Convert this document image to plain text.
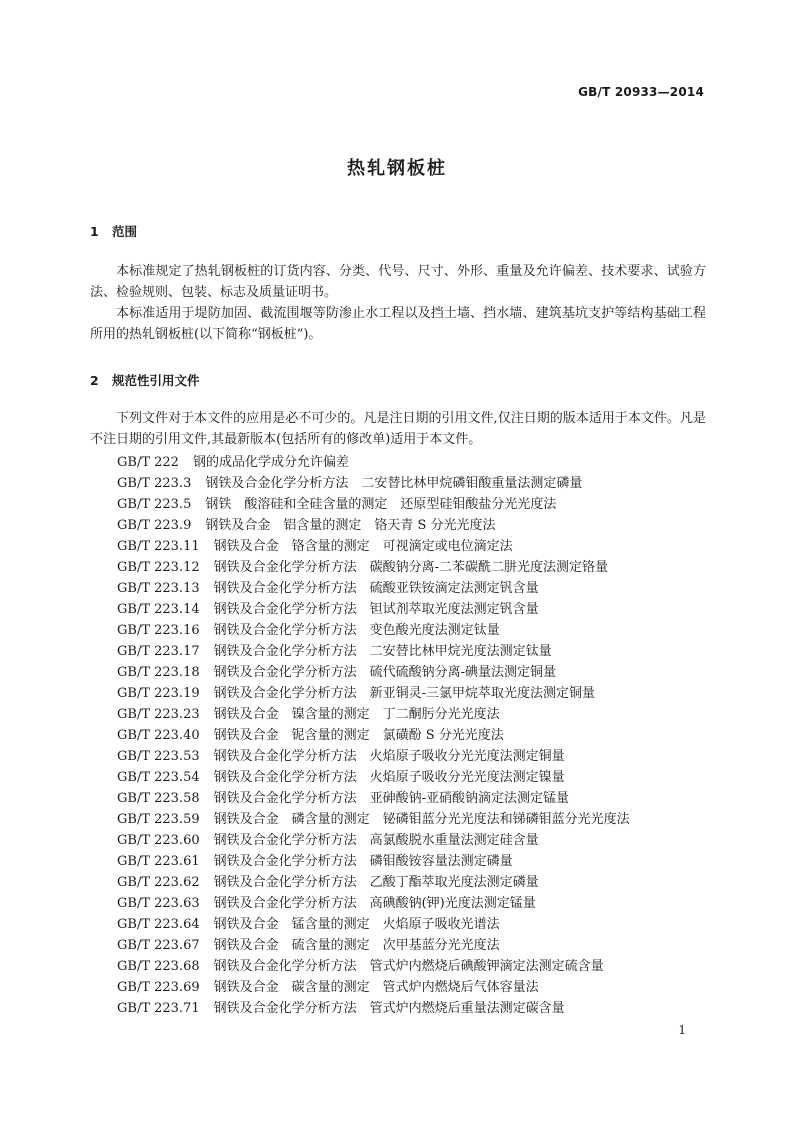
GB/T 20933—2014
热轧钢板桩
1 范围
本标准规定了热轧钢板桩的订货内容、分类、代号、尺寸、外形、重量及允许偏差、技术要求、试验方法、检验规则、包装、标志及质量证明书。
本标准适用于堤防加固、截流围堰等防渗止水工程以及挡土墙、挡水墙、建筑基坑支护等结构基础工程所用的热轧钢板桩(以下简称“钢板桩”)。
2 规范性引用文件
下列文件对于本文件的应用是必不可少的。凡是注日期的引用文件,仅注日期的版本适用于本文件。凡是不注日期的引用文件,其最新版本(包括所有的修改单)适用于本文件。
GB/T 222 钢的成品化学成分允许偏差
GB/T 223.3 钢铁及合金化学分析方法　二安替比林甲烷磷钼酸重量法测定磷量
GB/T 223.5 钢铁　酸溶硅和全硅含量的测定　还原型硅钼酸盐分光光度法
GB/T 223.9 钢铁及合金　铝含量的测定　铬天青 S 分光光度法
GB/T 223.11 钢铁及合金　铬含量的测定　可视滴定或电位滴定法
GB/T 223.12 钢铁及合金化学分析方法　碳酸钠分离-二苯碳酰二肼光度法测定铬量
GB/T 223.13 钢铁及合金化学分析方法　硫酸亚铁铵滴定法测定钒含量
GB/T 223.14 钢铁及合金化学分析方法　钽试剂萃取光度法测定钒含量
GB/T 223.16 钢铁及合金化学分析方法　变色酸光度法测定钛量
GB/T 223.17 钢铁及合金化学分析方法　二安替比林甲烷光度法测定钛量
GB/T 223.18 钢铁及合金化学分析方法　硫代硫酸钠分离-碘量法测定铜量
GB/T 223.19 钢铁及合金化学分析方法　新亚铜灵-三氯甲烷萃取光度法测定铜量
GB/T 223.23 钢铁及合金　镍含量的测定　丁二酮肟分光光度法
GB/T 223.40 钢铁及合金　铌含量的测定　氯磺酚 S 分光光度法
GB/T 223.53 钢铁及合金化学分析方法　火焰原子吸收分光光度法测定铜量
GB/T 223.54 钢铁及合金化学分析方法　火焰原子吸收分光光度法测定镍量
GB/T 223.58 钢铁及合金化学分析方法　亚砷酸钠-亚硝酸钠滴定法测定锰量
GB/T 223.59 钢铁及合金　磷含量的测定　铋磷钼蓝分光光度法和锑磷钼蓝分光光度法
GB/T 223.60 钢铁及合金化学分析方法　高氯酸脱水重量法测定硅含量
GB/T 223.61 钢铁及合金化学分析方法　磷钼酸铵容量法测定磷量
GB/T 223.62 钢铁及合金化学分析方法　乙酸丁酯萃取光度法测定磷量
GB/T 223.63 钢铁及合金化学分析方法　高碘酸钠(钾)光度法测定锰量
GB/T 223.64 钢铁及合金　锰含量的测定　火焰原子吸收光谱法
GB/T 223.67 钢铁及合金　硫含量的测定　次甲基蓝分光光度法
GB/T 223.68 钢铁及合金化学分析方法　管式炉内燃烧后碘酸钾滴定法测定硫含量
GB/T 223.69 钢铁及合金　碳含量的测定　管式炉内燃烧后气体容量法
GB/T 223.71 钢铁及合金化学分析方法　管式炉内燃烧后重量法测定碳含量
1
